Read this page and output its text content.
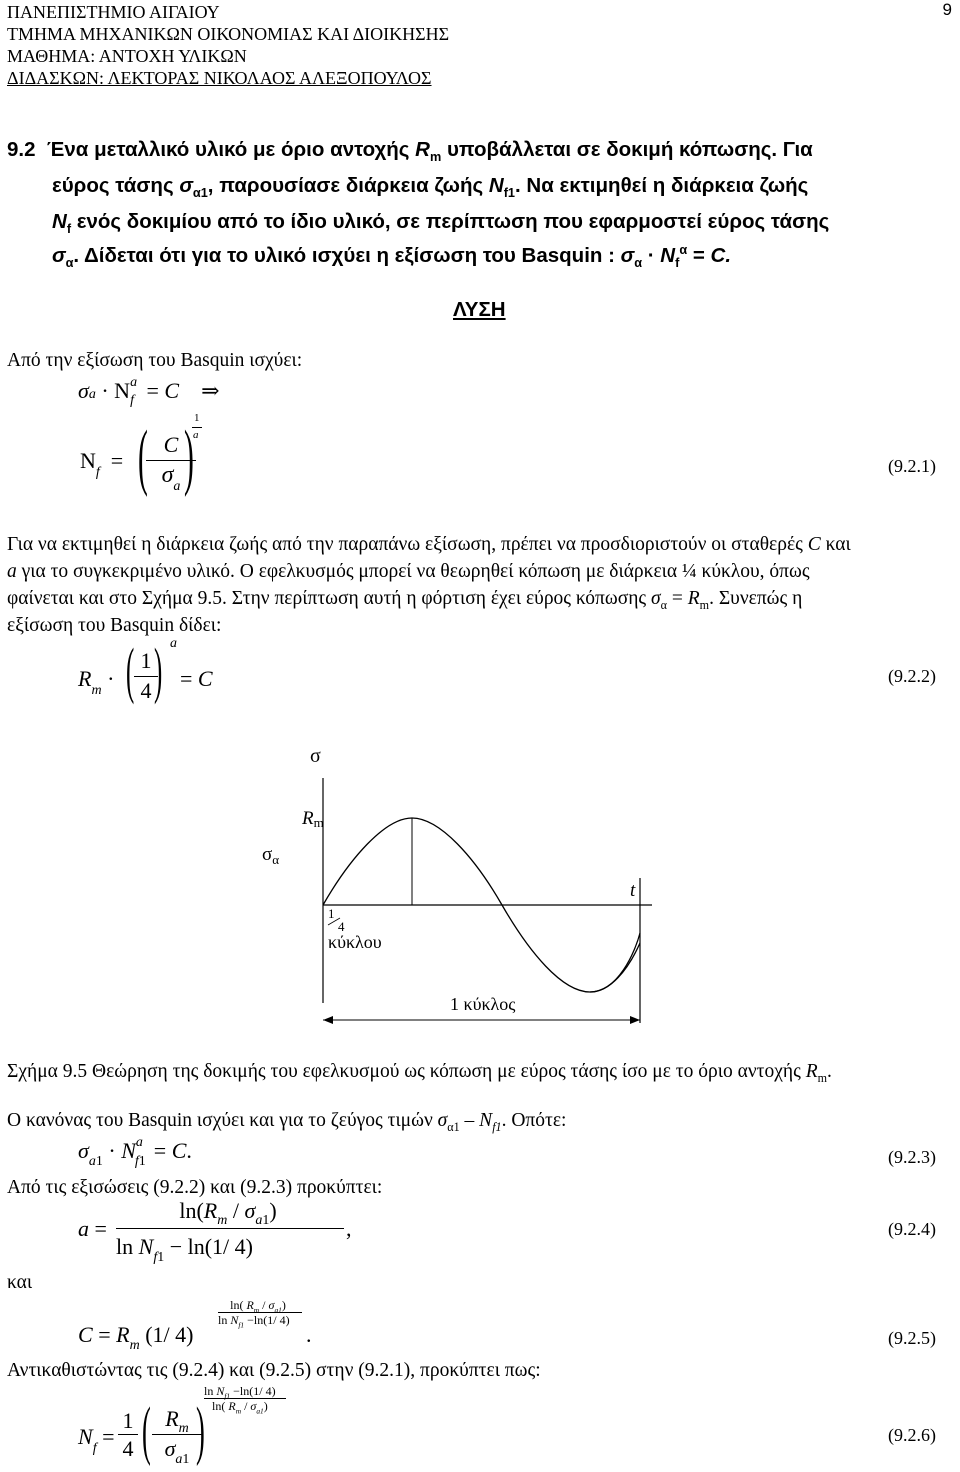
9
ΠΑΝΕΠΙΣΤΗΜΙΟ ΑΙΓΑΙΟΥ
ΤΜΗΜΑ ΜΗΧΑΝΙΚΩΝ ΟΙΚΟΝΟΜΙΑΣ ΚΑΙ ΔΙΟΙΚΗΣΗΣ
ΜΑΘΗΜΑ: ΑΝΤΟΧΗ ΥΛΙΚΩΝ
ΔΙΔΑΣΚΩΝ: ΛΕΚΤΟΡΑΣ ΝΙΚΟΛΑΟΣ ΑΛΕΞΟΠΟΥΛΟΣ
9.2 Ένα μεταλλικό υλικό με όριο αντοχής $R_m$ υποβάλλεται σε δοκιμή κόπωσης. Για
εύρος τάσης $\sigma_{\alpha 1}$, παρουσίασε διάρκεια ζωής $N_{f1}$. Να εκτιμηθεί η διάρκεια ζωής
$N_f$ ενός δοκιμίου από το ίδιο υλικό, σε περίπτωση που εφαρμοστεί εύρος τάσης
$\sigma_\alpha$. Δίδεται ότι για το υλικό ισχύει η εξίσωση του Basquin : $\sigma_\alpha \cdot N_f^\alpha = C$.
ΛΥΣΗ
Από την εξίσωση του Basquin ισχύει:
$\sigma a \cdot N^a_f = C$    ⇒
$N_f$  = ( C
$\sigma_a$ ) 1
a
(9.2.1)
Για να εκτιμηθεί η διάρκεια ζωής από την παραπάνω εξίσωση, πρέπει να προσδιοριστούν οι σταθερές C και
a για το συγκεκριμένο υλικό. Ο εφελκυσμός μπορεί να θεωρηθεί κόπωση με διάρκεια ¼ κύκλου, όπως
φαίνεται και στο Σχήμα 9.5. Στην περίπτωση αυτή η φόρτιση έχει εύρος κόπωσης $\sigma_\alpha = R_m$. Συνεπώς η
εξίσωση του Basquin δίδει:
$R_m$ · ( 1
4 ) a
= C	(9.2.2)
σ
$\sigma_\alpha$
Rm
t
1
4
κύκλου
1 κύκλος
Σχήμα 9.5 Θεώρηση της δοκιμής του εφελκυσμού ως κόπωση με εύρος τάσης ίσο με το όριο αντοχής $R_m$.
Ο κανόνας του Basquin ισχύει και για το ζεύγος τιμών $\sigma_{\alpha 1} - N_{f1}$. Οπότε:
$\sigma_{a1} \cdot N^a_{f1} = C$.	(9.2.3)
Από τις εξισώσεις (9.2.2) και (9.2.3) προκύπτει:
a =
$\ln(R_m / \sigma_{a1})$
$\ln N_{f1} - \ln(1/$ 4)
,	(9.2.4)
και
$C = R_m$ (1/ 4)
ln( $R_m / \sigma_{a1}$)
$\ln N_{f1} -\ln(1/$ 4)
.	(9.2.5)
Αντικαθιστώντας τις (9.2.4) και (9.2.5) στην (9.2.1), προκύπτει πως:
$N_f$ =
1
4 ( $R_m$
$\sigma_{a1}$ )
$\ln N_{f1} -\ln(1/$ 4)
ln( $R_m / \sigma_{a1}$)
(9.2.6)
